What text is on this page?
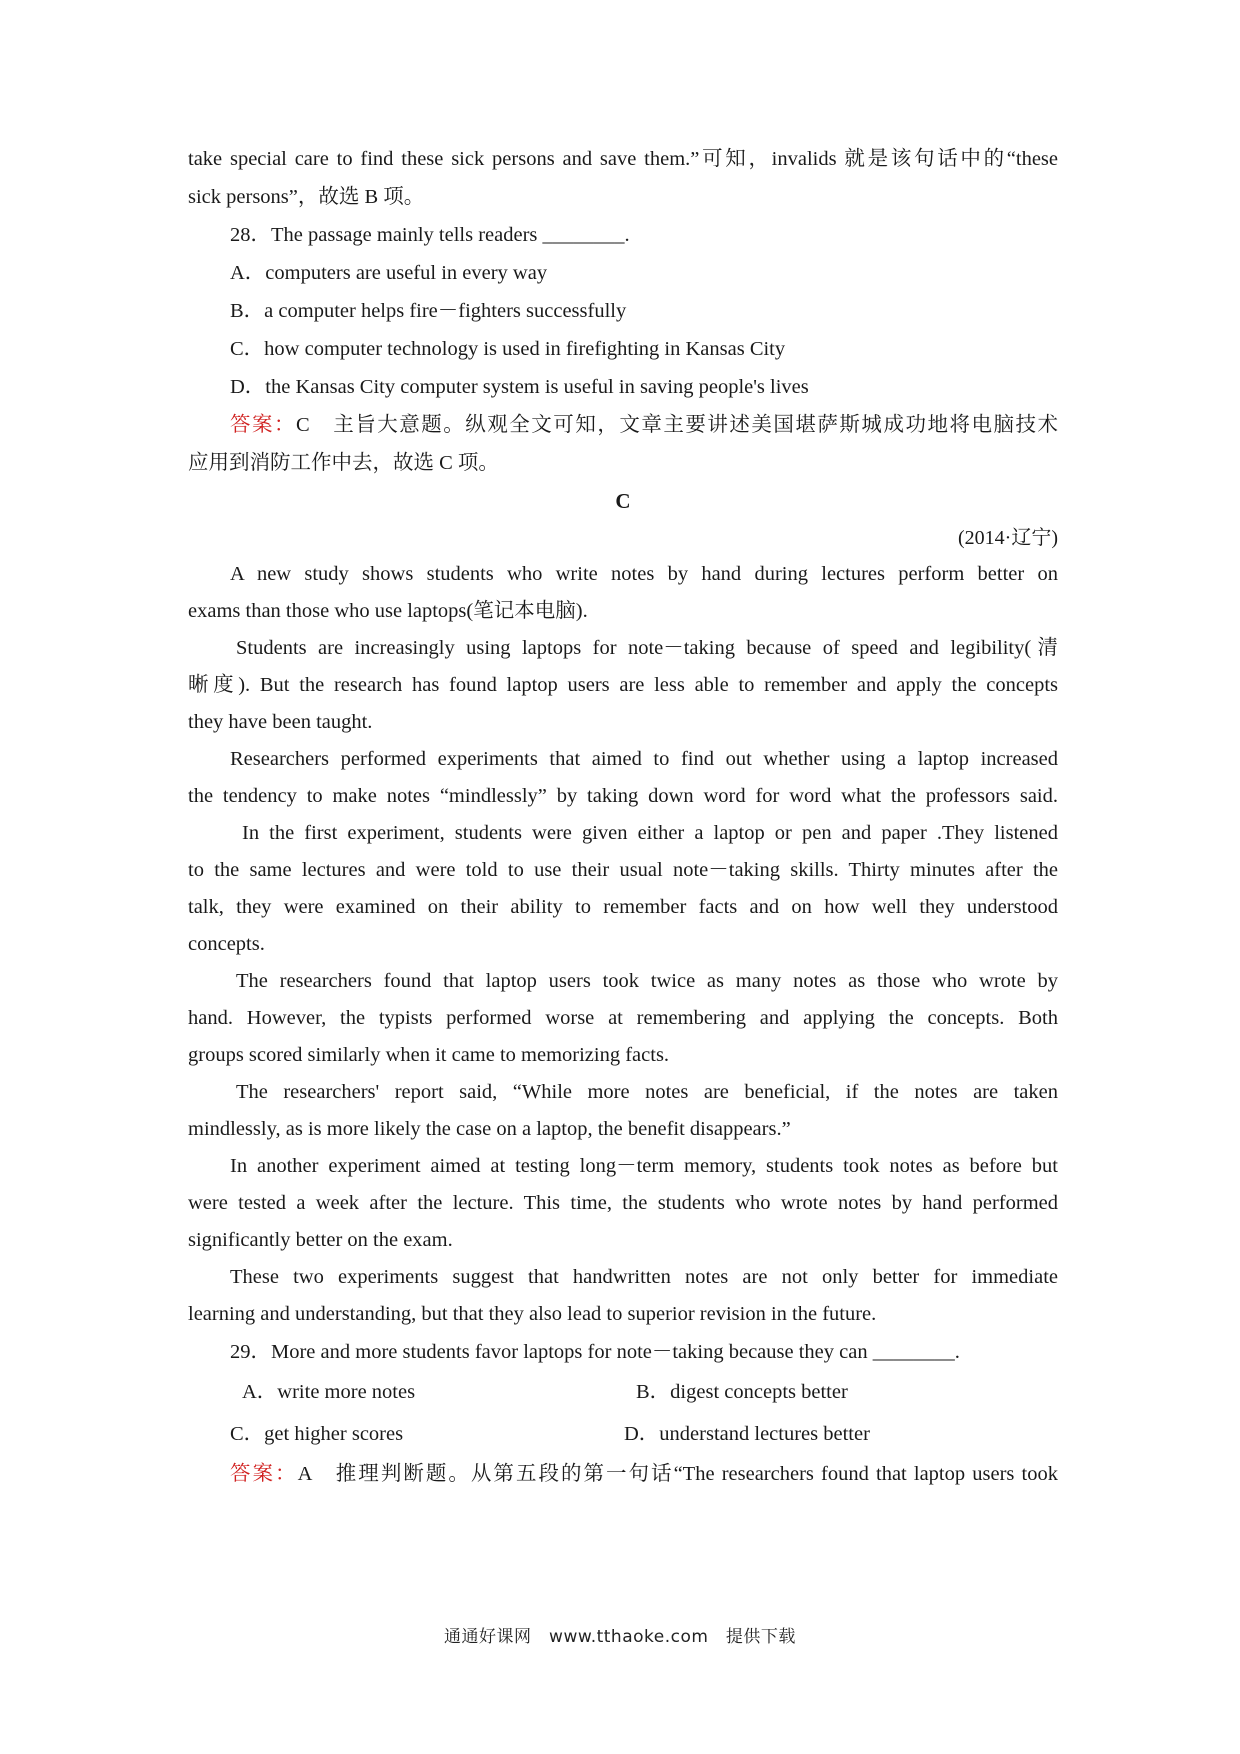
take special care to find these sick persons and save them.”可知，invalids 就是该句话中的“these
sick persons”，故选 B 项。
28．The passage mainly tells readers ________.
A．computers are useful in every way
B．a computer helps fire－fighters successfully
C．how computer technology is used in firefighting in Kansas City
D．the Kansas City computer system is useful in saving people's lives
答案：C　主旨大意题。纵观全文可知，文章主要讲述美国堪萨斯城成功地将电脑技术
应用到消防工作中去，故选 C 项。
C
(2014·辽宁)
A new study shows students who write notes by hand during lectures perform better on
exams than those who use laptops(笔记本电脑).
Students are increasingly using laptops for note－taking because of speed and legibility(清
晰度). But the research has found laptop users are less able to remember and apply the concepts
they have been taught.
Researchers performed experiments that aimed to find out whether using a laptop increased
the tendency to make notes “mindlessly” by taking down word for word what the professors said.
In the first experiment, students were given either a laptop or pen and paper .They listened
to the same lectures and were told to use their usual note－taking skills. Thirty minutes after the
talk, they were examined on their ability to remember facts and on how well they understood
concepts.
The researchers found that laptop users took twice as many notes as those who wrote by
hand. However, the typists performed worse at remembering and applying the concepts. Both
groups scored similarly when it came to memorizing facts.
The researchers' report said, “While more notes are beneficial, if the notes are taken
mindlessly, as is more likely the case on a laptop, the benefit disappears.”
In another experiment aimed at testing long－term memory, students took notes as before but
were tested a week after the lecture. This time, the students who wrote notes by hand performed
significantly better on the exam.
These two experiments suggest that handwritten notes are not only better for immediate
learning and understanding, but that they also lead to superior revision in the future.
29．More and more students favor laptops for note－taking because they can ________.
A．write more notes	B．digest concepts better
C．get higher scores	D．understand lectures better
答案：A　推理判断题。从第五段的第一句话“The researchers found that laptop users took
通通好课网　www.tthaoke.com　提供下载
